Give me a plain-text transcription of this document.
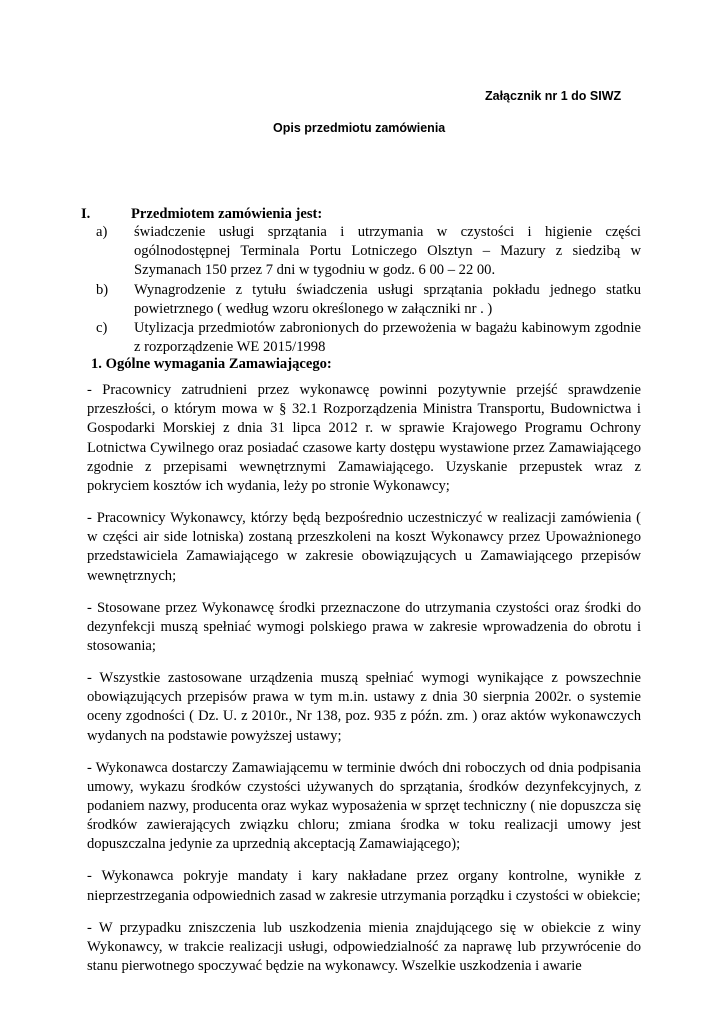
Załącznik nr 1 do SIWZ
Opis przedmiotu zamówienia
I.	Przedmiotem zamówienia jest:
a)	świadczenie usługi sprzątania i utrzymania w czystości i higienie części ogólnodostępnej Terminala Portu Lotniczego Olsztyn – Mazury z siedzibą w Szymanach 150 przez 7 dni w tygodniu w godz. 6 00 – 22 00.
b)	Wynagrodzenie z tytułu świadczenia usługi sprzątania pokładu jednego statku powietrznego ( według wzoru określonego w załączniki nr . )
c)	Utylizacja przedmiotów zabronionych do przewożenia w bagażu kabinowym zgodnie z rozporządzenie WE 2015/1998
1. Ogólne wymagania Zamawiającego:

- Pracownicy zatrudnieni przez wykonawcę powinni pozytywnie przejść sprawdzenie przeszłości, o którym mowa w § 32.1 Rozporządzenia Ministra Transportu, Budownictwa i Gospodarki Morskiej z dnia 31 lipca 2012 r. w sprawie Krajowego Programu Ochrony Lotnictwa Cywilnego oraz posiadać czasowe karty dostępu wystawione przez Zamawiającego zgodnie z przepisami wewnętrznymi Zamawiającego. Uzyskanie przepustek wraz z pokryciem kosztów ich wydania, leży po stronie Wykonawcy;

- Pracownicy Wykonawcy, którzy będą bezpośrednio uczestniczyć w realizacji zamówienia ( w części air side lotniska) zostaną przeszkoleni na koszt Wykonawcy przez Upoważnionego przedstawiciela Zamawiającego w zakresie obowiązujących u Zamawiającego przepisów wewnętrznych;

- Stosowane przez Wykonawcę środki przeznaczone do utrzymania czystości oraz środki do dezynfekcji muszą spełniać wymogi polskiego prawa w zakresie wprowadzenia do obrotu i stosowania;

- Wszystkie zastosowane urządzenia muszą spełniać wymogi wynikające z powszechnie obowiązujących przepisów prawa w tym m.in. ustawy z dnia 30 sierpnia 2002r. o systemie oceny zgodności ( Dz. U. z 2010r., Nr 138, poz. 935 z późn. zm. ) oraz aktów wykonawczych wydanych na podstawie powyższej ustawy;

- Wykonawca dostarczy Zamawiającemu w terminie dwóch dni roboczych od dnia podpisania umowy, wykazu środków czystości używanych do sprzątania, środków dezynfekcyjnych, z podaniem nazwy, producenta oraz wykaz wyposażenia w sprzęt techniczny ( nie dopuszcza się środków zawierających związku chloru; zmiana środka w toku realizacji umowy jest dopuszczalna jedynie za uprzednią akceptacją Zamawiającego);

- Wykonawca pokryje mandaty i kary nakładane przez organy kontrolne, wynikłe z nieprzestrzegania odpowiednich zasad w zakresie utrzymania porządku i czystości w obiekcie;

- W przypadku zniszczenia lub uszkodzenia mienia znajdującego się w obiekcie z winy Wykonawcy, w trakcie realizacji usługi, odpowiedzialność za naprawę lub przywrócenie do stanu pierwotnego spoczywać będzie na wykonawcy. Wszelkie uszkodzenia i awarie
